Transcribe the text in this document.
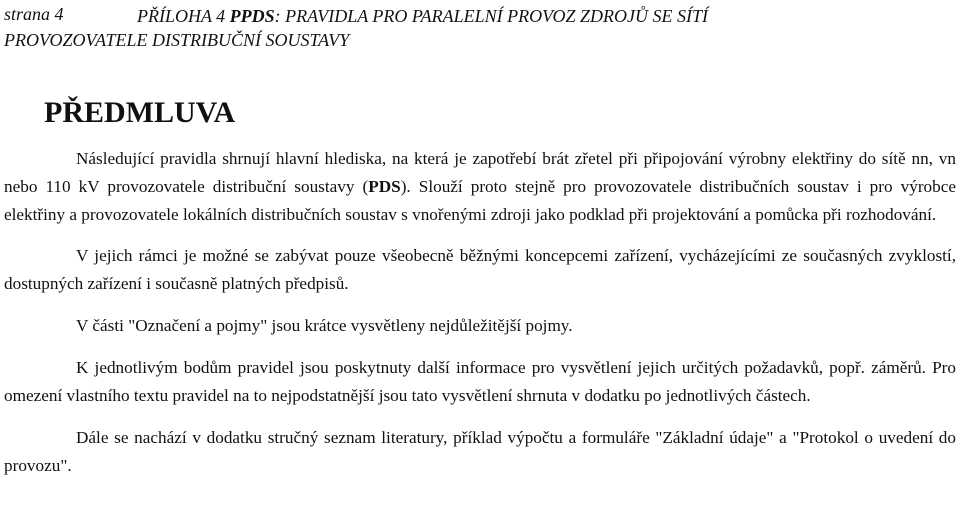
strana 4	PŘÍLOHA 4 PPDS: PRAVIDLA PRO PARALELNÍ PROVOZ ZDROJŮ SE SÍTÍ PROVOZOVATELE DISTRIBUČNÍ SOUSTAVY
PŘEDMLUVA

Následující pravidla shrnují hlavní hlediska, na která je zapotřebí brát zřetel při připojování výrobny elektřiny do sítě nn, vn nebo 110 kV provozovatele distribuční soustavy (PDS). Slouží proto stejně pro provozovatele distribučních soustav i pro výrobce elektřiny a provozovatele lokálních distribučních soustav s vnořenými zdroji jako podklad při projektování a pomůcka při rozhodování.

V jejich rámci je možné se zabývat pouze všeobecně běžnými koncepcemi zařízení, vycházejícími ze současných zvyklostí, dostupných zařízení i současně platných předpisů.

V části "Označení a pojmy" jsou krátce vysvětleny nejdůležitější pojmy.

K jednotlivým bodům pravidel jsou poskytnuty další informace pro vysvětlení jejich určitých požadavků, popř. záměrů. Pro omezení vlastního textu pravidel na to nejpodstatnější jsou tato vysvětlení shrnuta v dodatku po jednotlivých částech.

Dále se nachází v dodatku stručný seznam literatury, příklad výpočtu a formuláře "Základní údaje" a "Protokol o uvedení do provozu".
